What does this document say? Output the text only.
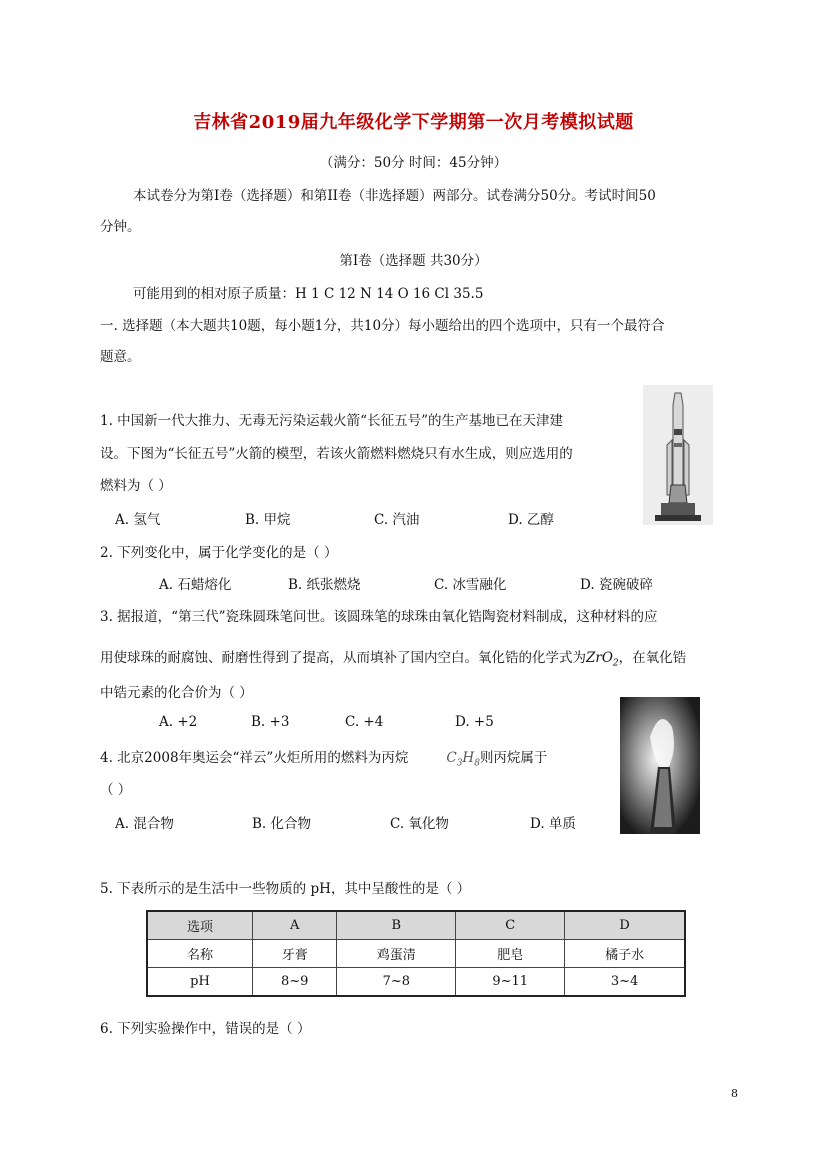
吉林省2019届九年级化学下学期第一次月考模拟试题
（满分：50分 时间：45分钟）
本试卷分为第Ⅰ卷（选择题）和第II卷（非选择题）两部分。试卷满分50分。考试时间50
分钟。
第Ⅰ卷（选择题 共30分）
可能用到的相对原子质量：H 1 C 12 N 14 O 16 Cl 35.5
一. 选择题（本大题共10题，每小题1分，共10分）每小题给出的四个选项中，只有一个最符合
题意。
1. 中国新一代大推力、无毒无污染运载火箭“长征五号”的生产基地已在天津建
设。下图为“长征五号”火箭的模型，若该火箭燃料燃烧只有水生成，则应选用的
燃料为（ ）
A. 氢气	B. 甲烷	C. 汽油	D. 乙醇
2. 下列变化中，属于化学变化的是（ ）
A. 石蜡熔化	B. 纸张燃烧	C. 冰雪融化	D. 瓷碗破碎
3. 据报道，“第三代”瓷珠圆珠笔问世。该圆珠笔的球珠由氧化锆陶瓷材料制成，这种材料的应
用使球珠的耐腐蚀、耐磨性得到了提高，从而填补了国内空白。氧化锆的化学式为ZrO$_2$，在氧化锆
中锆元素的化合价为（ ）
A. +2	B. +3	C. +4	D. +5
4. 北京2008年奥运会“祥云”火炬所用的燃料为丙烷	$C_3H_8$则丙烷属于
（ ）
A. 混合物	B. 化合物	C. 氧化物	D. 单质
5. 下表所示的是生活中一些物质的 pH，其中呈酸性的是（ ）
选项	A	B	C	D
名称	牙膏	鸡蛋清	肥皂	橘子水
pH	8~9	7~8	9~11	3~4
6. 下列实验操作中，错误的是（ ）
8
